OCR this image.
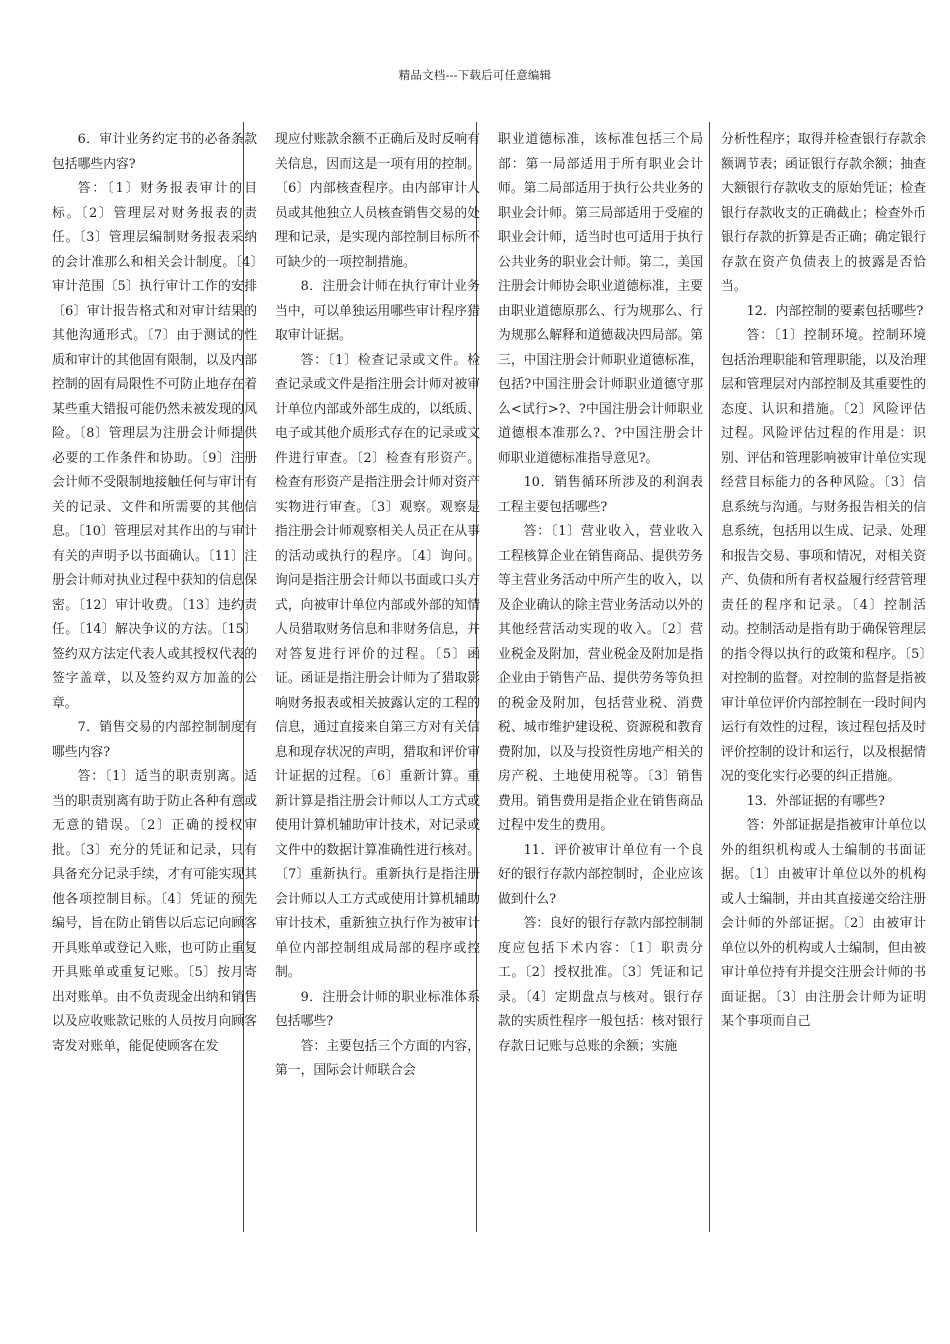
精品文档---下载后可任意编辑

6．审计业务约定书的必备条款包括哪些内容?

答：〔1〕财务报表审计的目标。〔2〕管理层对财务报表的责任。〔3〕管理层编制财务报表采纳的会计准那么和相关会计制度。〔4〕审计范围〔5〕执行审计工作的安排〔6〕审计报告格式和对审计结果的其他沟通形式。〔7〕由于测试的性质和审计的其他固有限制，以及内部控制的固有局限性不可防止地存在着某些重大错报可能仍然未被发现的风险。〔8〕管理层为注册会计师提供必要的工作条件和协助。〔9〕注册会计师不受限制地接触任何与审计有关的记录、文件和所需要的其他信息。〔10〕管理层对其作出的与审计有关的声明予以书面确认。〔11〕注册会计师对执业过程中获知的信息保密。〔12〕审计收费。〔13〕违约责任。〔14〕解决争议的方法。〔15〕签约双方法定代表人或其授权代表的签字盖章，以及签约双方加盖的公章。

7．销售交易的内部控制制度有哪些内容?

答：〔1〕适当的职责别离。适当的职责别离有助于防止各种有意或无意的错误。〔2〕正确的授权审批。〔3〕充分的凭证和记录，只有具备充分记录手续，才有可能实现其他各项控制目标。〔4〕凭证的预先编号，旨在防止销售以后忘记向顾客开具账单或登记入账，也可防止重复开具账单或重复记账。〔5〕按月寄出对账单。由不负责现金出纳和销售以及应收账款记账的人员按月向顾客寄发对账单，能促使顾客在发

现应付账款余额不正确后及时反响有关信息，因而这是一项有用的控制。〔6〕内部核查程序。由内部审计人员或其他独立人员核查销售交易的处理和记录，是实现内部控制目标所不可缺少的一项控制措施。

8．注册会计师在执行审计业务当中，可以单独运用哪些审计程序猎取审计证据。

答：〔1〕检查记录或文件。检查记录或文件是指注册会计师对被审计单位内部或外部生成的，以纸质、电子或其他介质形式存在的记录或文件进行审查。〔2〕检查有形资产。检查有形资产是指注册会计师对资产实物进行审查。〔3〕观察。观察是指注册会计师观察相关人员正在从事的活动或执行的程序。〔4〕询问。询问是指注册会计师以书面或口头方式，向被审计单位内部或外部的知情人员猎取财务信息和非财务信息，并对答复进行评价的过程。〔5〕函证。函证是指注册会计师为了猎取影响财务报表或相关披露认定的工程的信息，通过直接来自第三方对有关信息和现存状况的声明，猎取和评价审计证据的过程。〔6〕重新计算。重新计算是指注册会计师以人工方式或使用计算机辅助审计技术，对记录或文件中的数据计算准确性进行核对。〔7〕重新执行。重新执行是指注册会计师以人工方式或使用计算机辅助审计技术，重新独立执行作为被审计单位内部控制组成局部的程序或控制。

9．注册会计师的职业标准体系包括哪些?

答：主要包括三个方面的内容，第一，国际会计师联合会

职业道德标准，该标准包括三个局部：第一局部适用于所有职业会计师。第二局部适用于执行公共业务的职业会计师。第三局部适用于受雇的职业会计师，适当时也可适用于执行公共业务的职业会计师。第二，美国注册会计师协会职业道德标准，主要由职业道德原那么、行为规那么、行为规那么解释和道德裁决四局部。第三，中国注册会计师职业道德标准，包括?中国注册会计师职业道德守那么<试行>?、?中国注册会计师职业道德根本准那么?、?中国注册会计师职业道德标准指导意见?。

10．销售循环所涉及的利润表工程主要包括哪些?

答：〔1〕营业收入，营业收入工程核算企业在销售商品、提供劳务等主营业务活动中所产生的收入，以及企业确认的除主营业务活动以外的其他经营活动实现的收入。〔2〕营业税金及附加，营业税金及附加是指企业由于销售产品、提供劳务等负担的税金及附加，包括营业税、消费税、城市维护建设税、资源税和教育费附加，以及与投资性房地产相关的房产税、土地使用税等。〔3〕销售费用。销售费用是指企业在销售商品过程中发生的费用。

11．评价被审计单位有一个良好的银行存款内部控制时，企业应该做到什么?

答：良好的银行存款内部控制制度应包括下术内容：〔1〕职责分工。〔2〕授权批准。〔3〕凭证和记录。〔4〕定期盘点与核对。银行存款的实质性程序一般包括：核对银行存款日记账与总账的余额；实施

分析性程序；取得并检查银行存款余额调节表；函证银行存款余额；抽查大额银行存款收支的原始凭证；检查银行存款收支的正确截止；检查外币银行存款的折算是否正确；确定银行存款在资产负债表上的披露是否恰当。

12．内部控制的要素包括哪些?

答：〔1〕控制环境。控制环境包括治理职能和管理职能，以及治理层和管理层对内部控制及其重要性的态度、认识和措施。〔2〕风险评估过程。风险评估过程的作用是：识别、评估和管理影响被审计单位实现经营目标能力的各种风险。〔3〕信息系统与沟通。与财务报告相关的信息系统，包括用以生成、记录、处理和报告交易、事项和情况，对相关资产、负债和所有者权益履行经营管理责任的程序和记录。〔4〕控制活动。控制活动是指有助于确保管理层的指令得以执行的政策和程序。〔5〕对控制的监督。对控制的监督是指被审计单位评价内部控制在一段时间内运行有效性的过程，该过程包括及时评价控制的设计和运行，以及根据情况的变化实行必要的纠正措施。

13．外部证据的有哪些?

答：外部证据是指被审计单位以外的组织机构或人士编制的书面证据。〔1〕由被审计单位以外的机构或人士编制，并由其直接递交给注册会计师的外部证据。〔2〕由被审计单位以外的机构或人士编制，但由被审计单位持有并提交注册会计师的书面证据。〔3〕由注册会计师为证明某个事项而自己
